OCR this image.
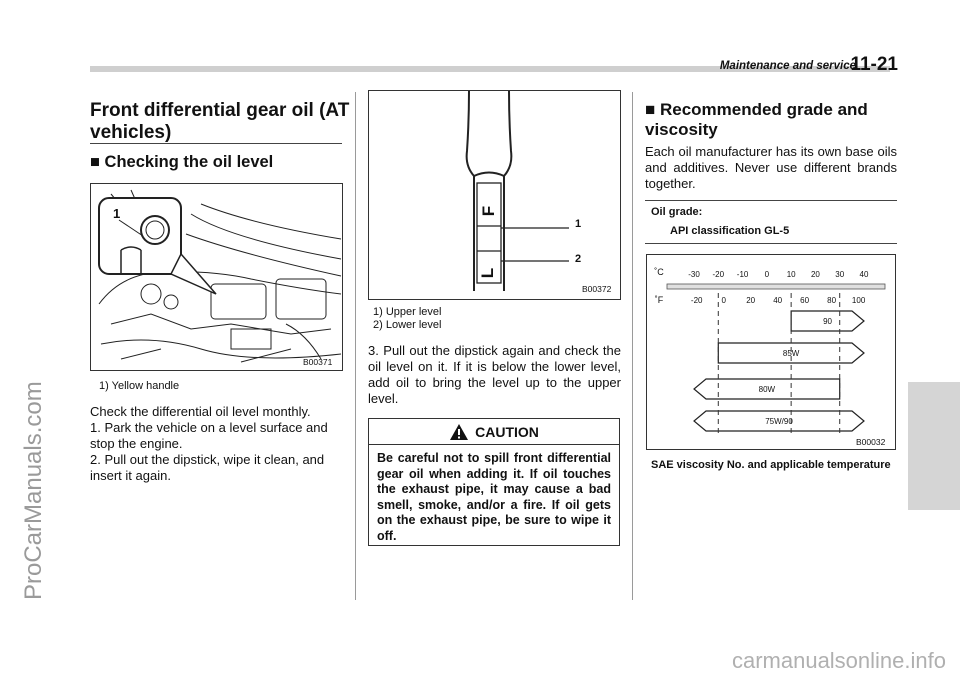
Maintenance and service
11-21
Front differential gear oil (AT vehicles)
■ Checking the oil level
1
B00371
1) Yellow handle
Check the differential oil level monthly.
1. Park the vehicle on a level surface and stop the engine.
2. Pull out the dipstick, wipe it clean, and insert it again.
F
L
1
2
B00372
1) Upper level
2) Lower level
3. Pull out the dipstick again and check the oil level on it. If it is below the lower level, add oil to bring the level up to the upper level.
CAUTION
Be careful not to spill front differential gear oil when adding it. If oil touches the exhaust pipe, it may cause a bad smell, smoke, and/or a fire. If oil gets on the exhaust pipe, be sure to wipe it off.
■ Recommended grade and viscosity
Each oil manufacturer has its own base oils and additives. Never use different brands together.
Oil grade:
API classification GL-5
˚C
˚F
-30 -20 -10 0 10 20 30 40
-20 0	20 40 60 80 100
90
85W
80W
75W/90
B00032
SAE viscosity No. and applicable temperature
ProCarManuals.com
carmanualsonline.info
